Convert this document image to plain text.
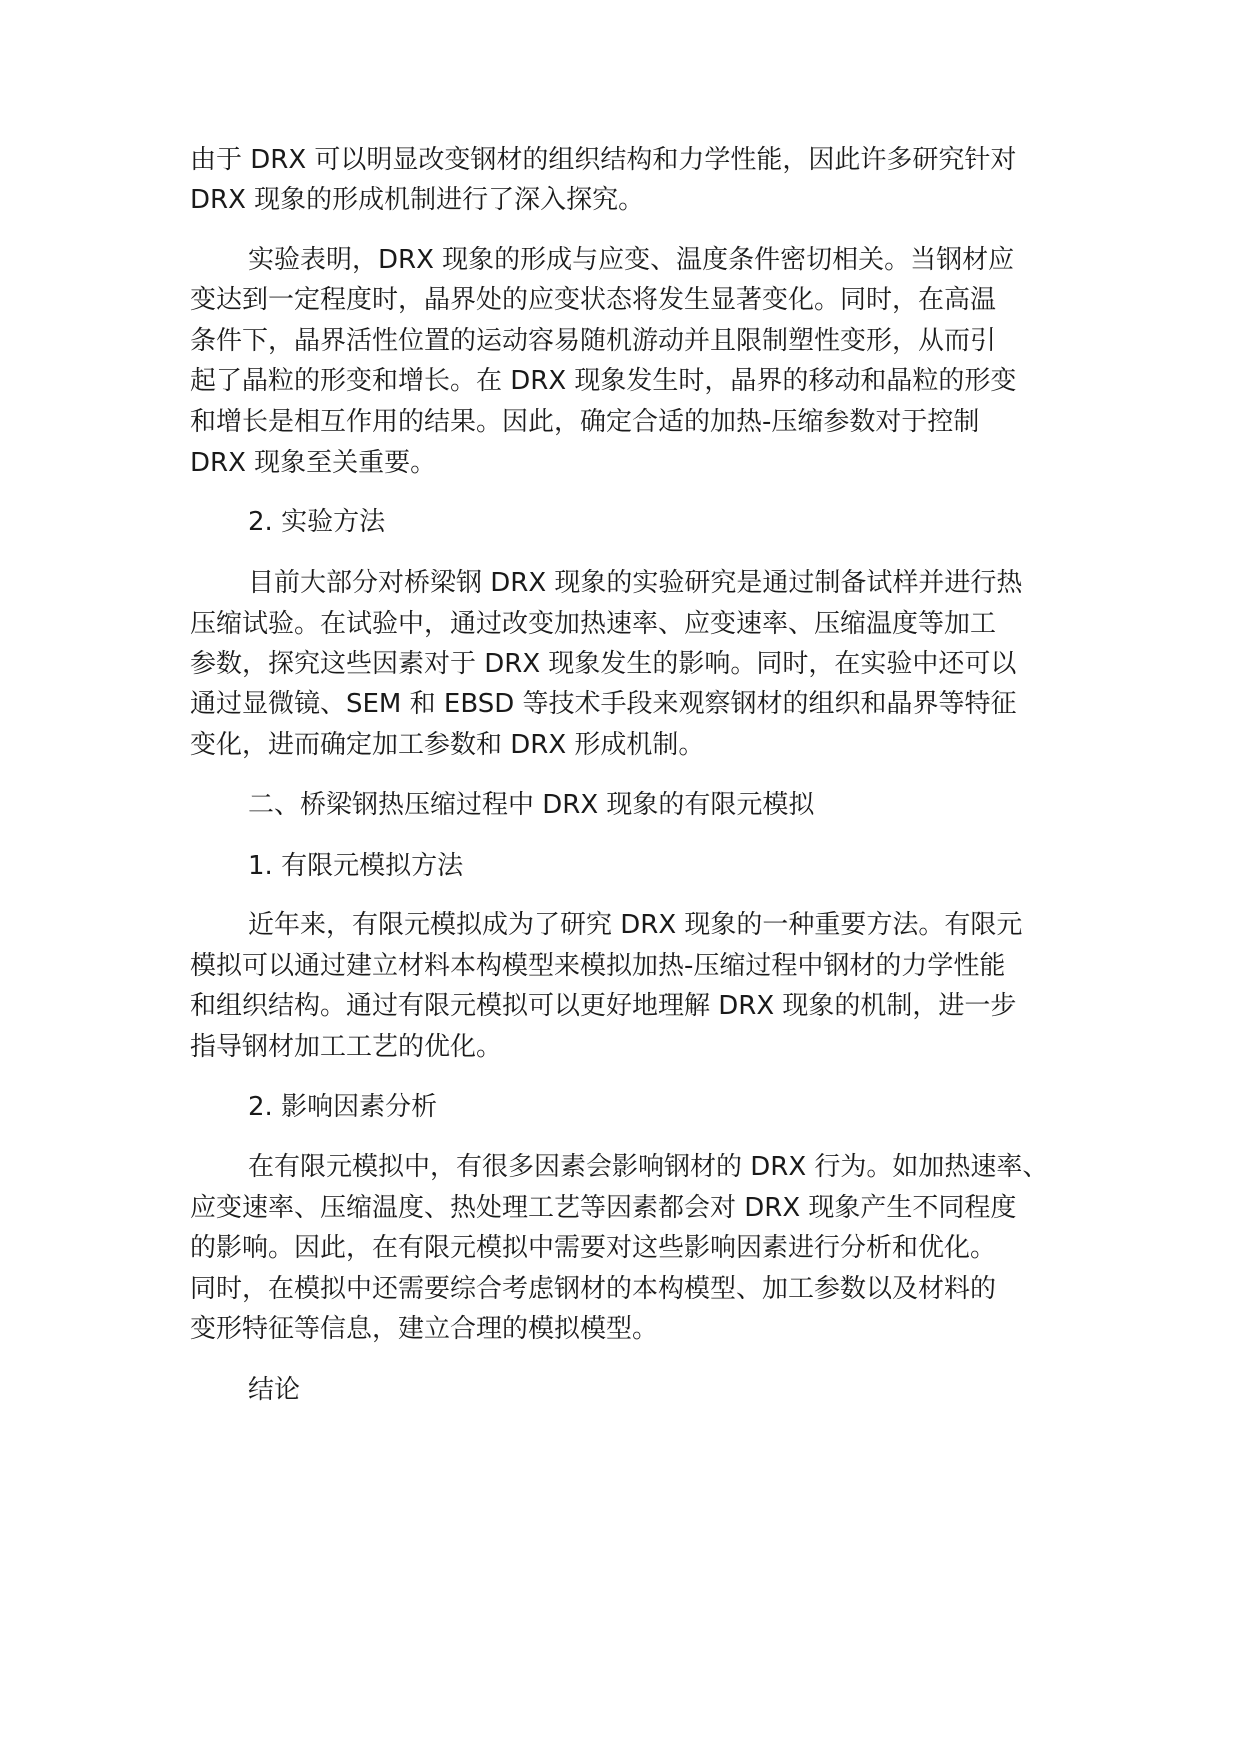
由于 DRX 可以明显改变钢材的组织结构和力学性能，因此许多研究针对
DRX 现象的形成机制进行了深入探究。
实验表明，DRX 现象的形成与应变、温度条件密切相关。当钢材应
变达到一定程度时，晶界处的应变状态将发生显著变化。同时，在高温
条件下，晶界活性位置的运动容易随机游动并且限制塑性变形，从而引
起了晶粒的形变和增长。在 DRX 现象发生时，晶界的移动和晶粒的形变
和增长是相互作用的结果。因此，确定合适的加热-压缩参数对于控制
DRX 现象至关重要。
2. 实验方法
目前大部分对桥梁钢 DRX 现象的实验研究是通过制备试样并进行热
压缩试验。在试验中，通过改变加热速率、应变速率、压缩温度等加工
参数，探究这些因素对于 DRX 现象发生的影响。同时，在实验中还可以
通过显微镜、SEM 和 EBSD 等技术手段来观察钢材的组织和晶界等特征
变化，进而确定加工参数和 DRX 形成机制。
二、桥梁钢热压缩过程中 DRX 现象的有限元模拟
1. 有限元模拟方法
近年来，有限元模拟成为了研究 DRX 现象的一种重要方法。有限元
模拟可以通过建立材料本构模型来模拟加热-压缩过程中钢材的力学性能
和组织结构。通过有限元模拟可以更好地理解 DRX 现象的机制，进一步
指导钢材加工工艺的优化。
2. 影响因素分析
在有限元模拟中，有很多因素会影响钢材的 DRX 行为。如加热速率、
应变速率、压缩温度、热处理工艺等因素都会对 DRX 现象产生不同程度
的影响。因此，在有限元模拟中需要对这些影响因素进行分析和优化。
同时，在模拟中还需要综合考虑钢材的本构模型、加工参数以及材料的
变形特征等信息，建立合理的模拟模型。
结论
